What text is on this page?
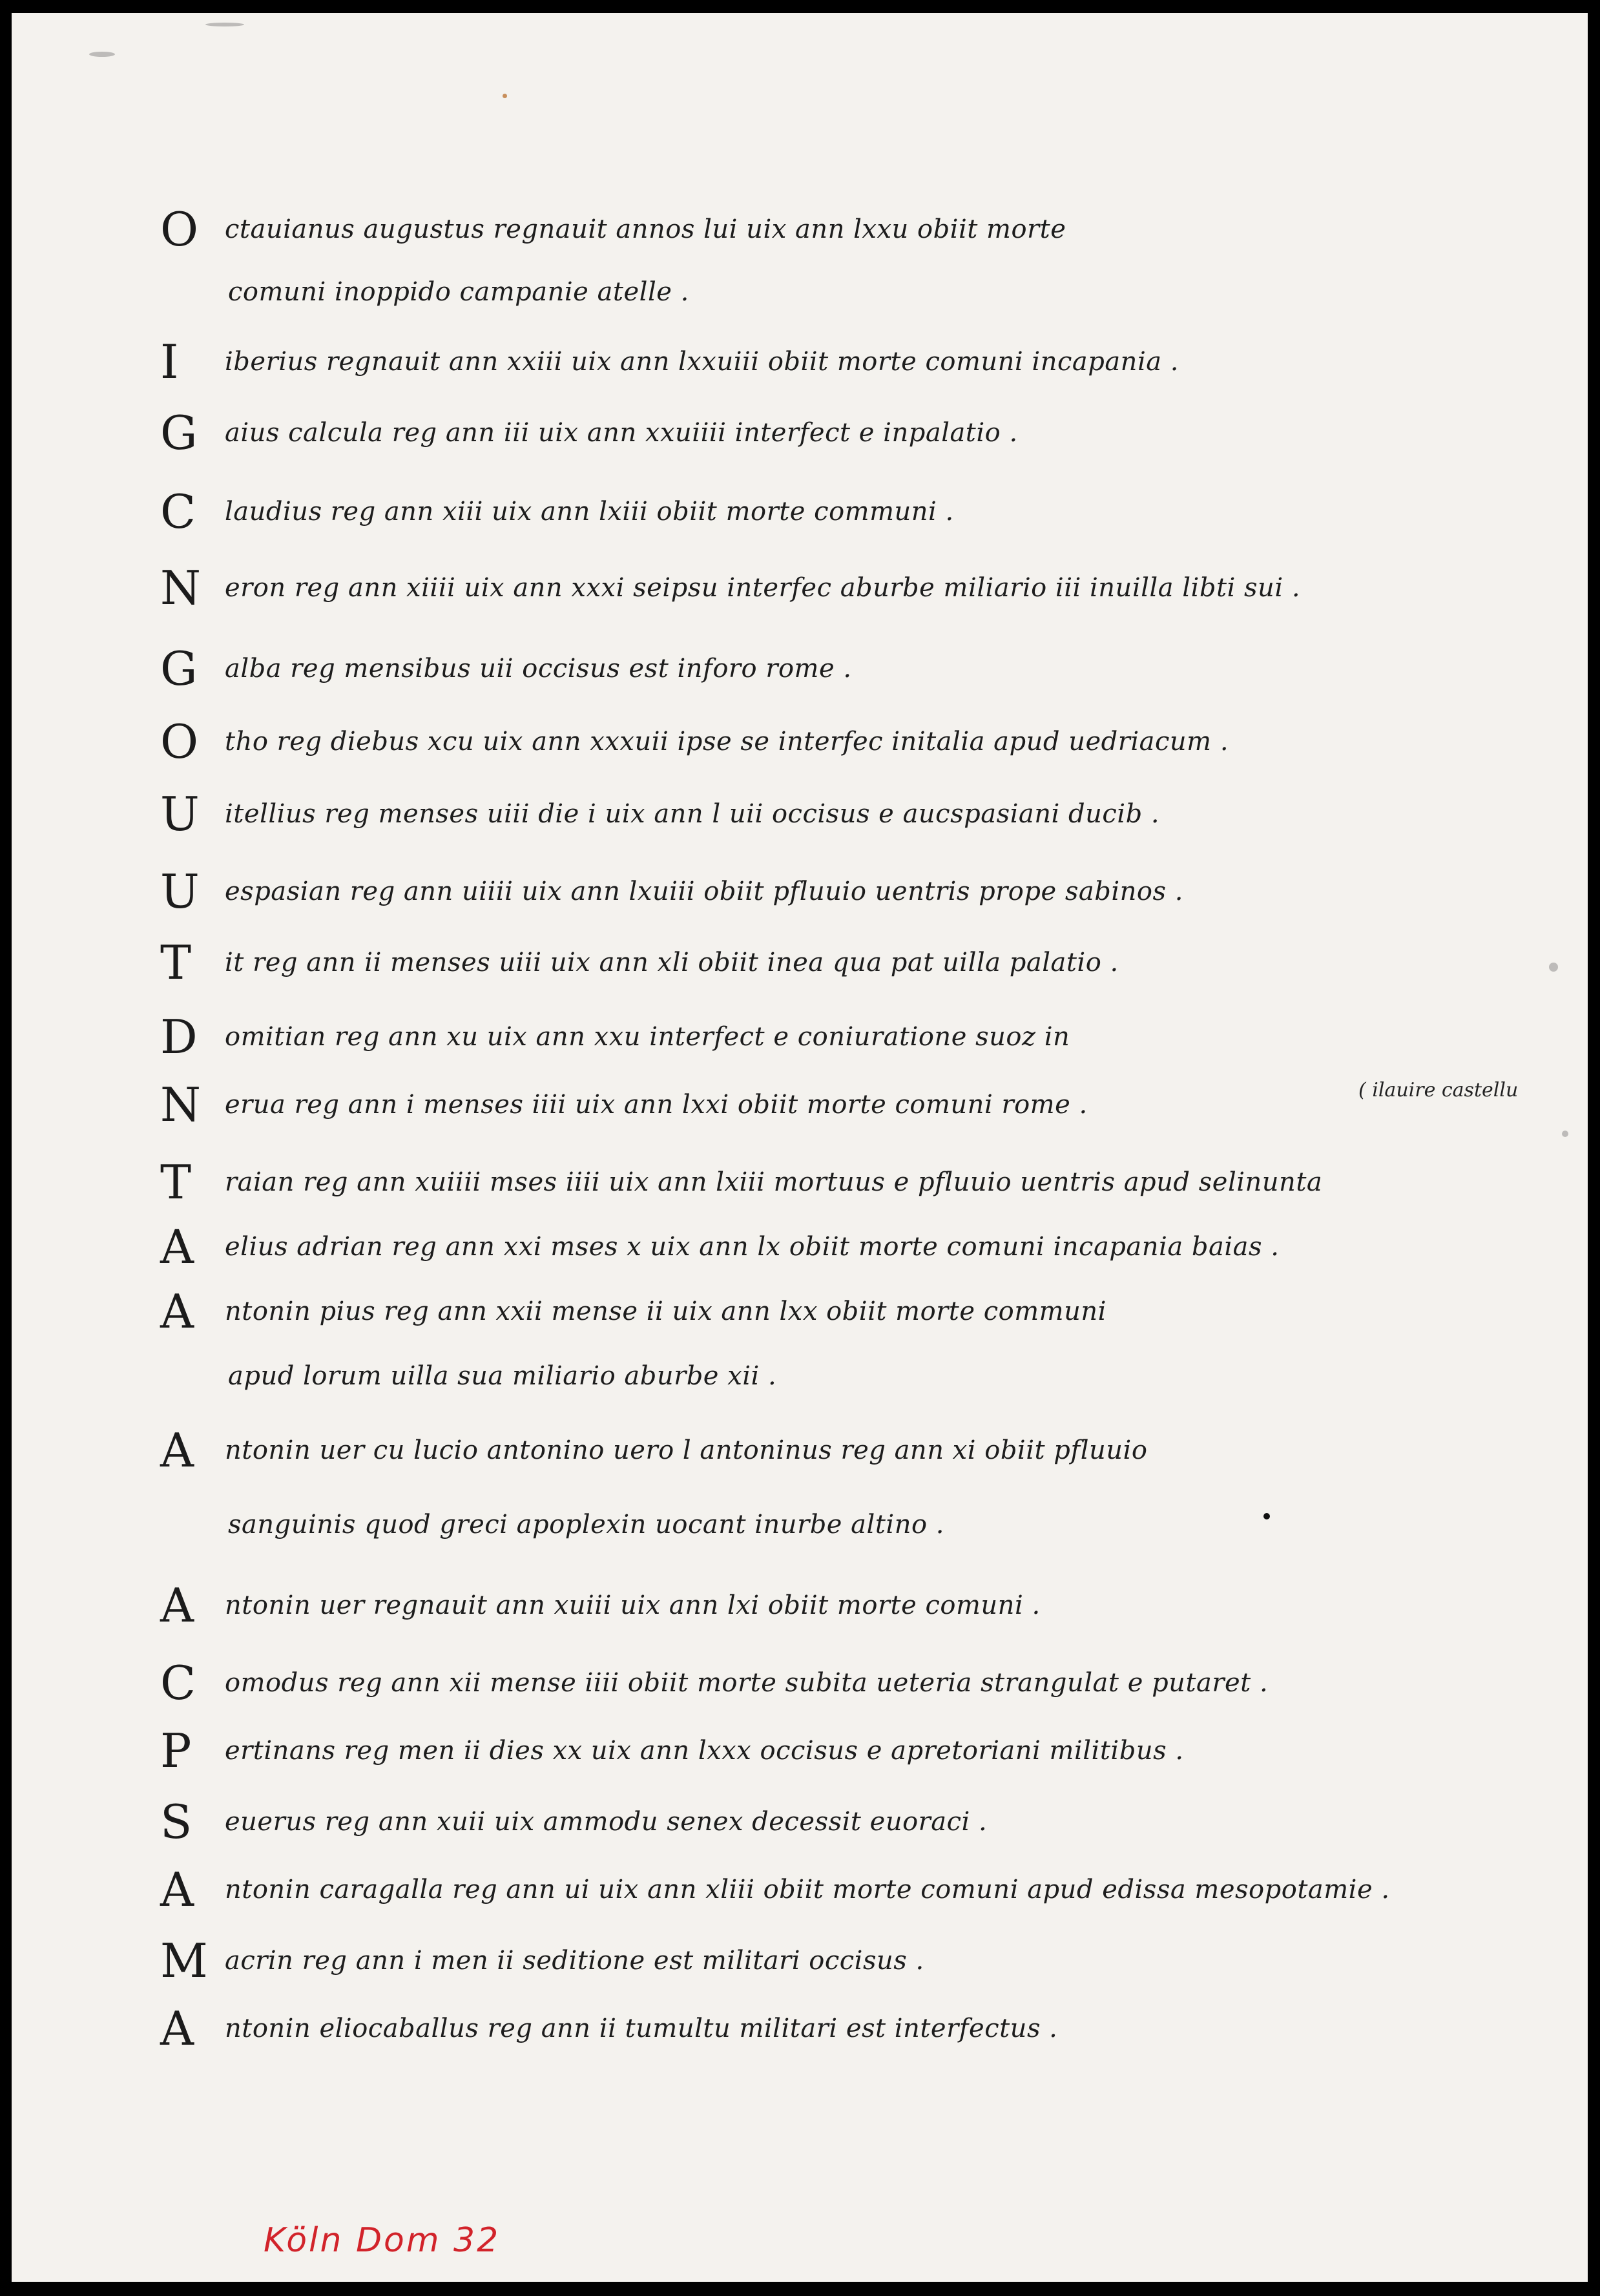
O ctauianus augustus regnauit annos lui uix ann lxxu obiit morte
comuni inoppido campanie atelle .
I iberius regnauit ann xxiii uix ann lxxuiii obiit morte comuni incapania .
G aius calcula reg ann iii uix ann xxuiiii interfect e inpalatio .
C laudius reg ann xiii uix ann lxiii obiit morte communi .
N eron reg ann xiiii uix ann xxxi seipsu interfec aburbe miliario iii inuilla libti sui .
G alba reg mensibus uii occisus est inforo rome .
O tho reg diebus xcu uix ann xxxuii ipse se interfec initalia apud uedriacum .
U itellius reg menses uiii die i uix ann l uii occisus e aucspasiani ducib .
U espasian reg ann uiiii uix ann lxuiii obiit pfluuio uentris prope sabinos .
T it reg ann ii menses uiii uix ann xli obiit inea qua pat uilla palatio .
D omitian reg ann xu uix ann xxu interfect e coniuratione suoz in
N erua reg ann i menses iiii uix ann lxxi obiit morte comuni rome .
T raian reg ann xuiiii mses iiii uix ann lxiii mortuus e pfluuio uentris apud selinunta
A elius adrian reg ann xxi mses x uix ann lx obiit morte comuni incapania baias .
A ntonin pius reg ann xxii mense ii uix ann lxx obiit morte communi
apud lorum uilla sua miliario aburbe xii .
A ntonin uer cu lucio antonino uero l antoninus reg ann xi obiit pfluuio
sanguinis quod greci apoplexin uocant inurbe altino .
A ntonin uer regnauit ann xuiii uix ann lxi obiit morte comuni .
C omodus reg ann xii mense iiii obiit morte subita ueteria strangulat e putaret .
P ertinans reg men ii dies xx uix ann lxxx occisus e apretoriani militibus .
S euerus reg ann xuii uix ammodu senex decessit euoraci .
A ntonin caragalla reg ann ui uix ann xliii obiit morte comuni apud edissa mesopotamie .
M acrin reg ann i men ii seditione est militari occisus .
A ntonin eliocaballus reg ann ii tumultu militari est interfectus .
( ilauire castellu
Köln Dom 32
